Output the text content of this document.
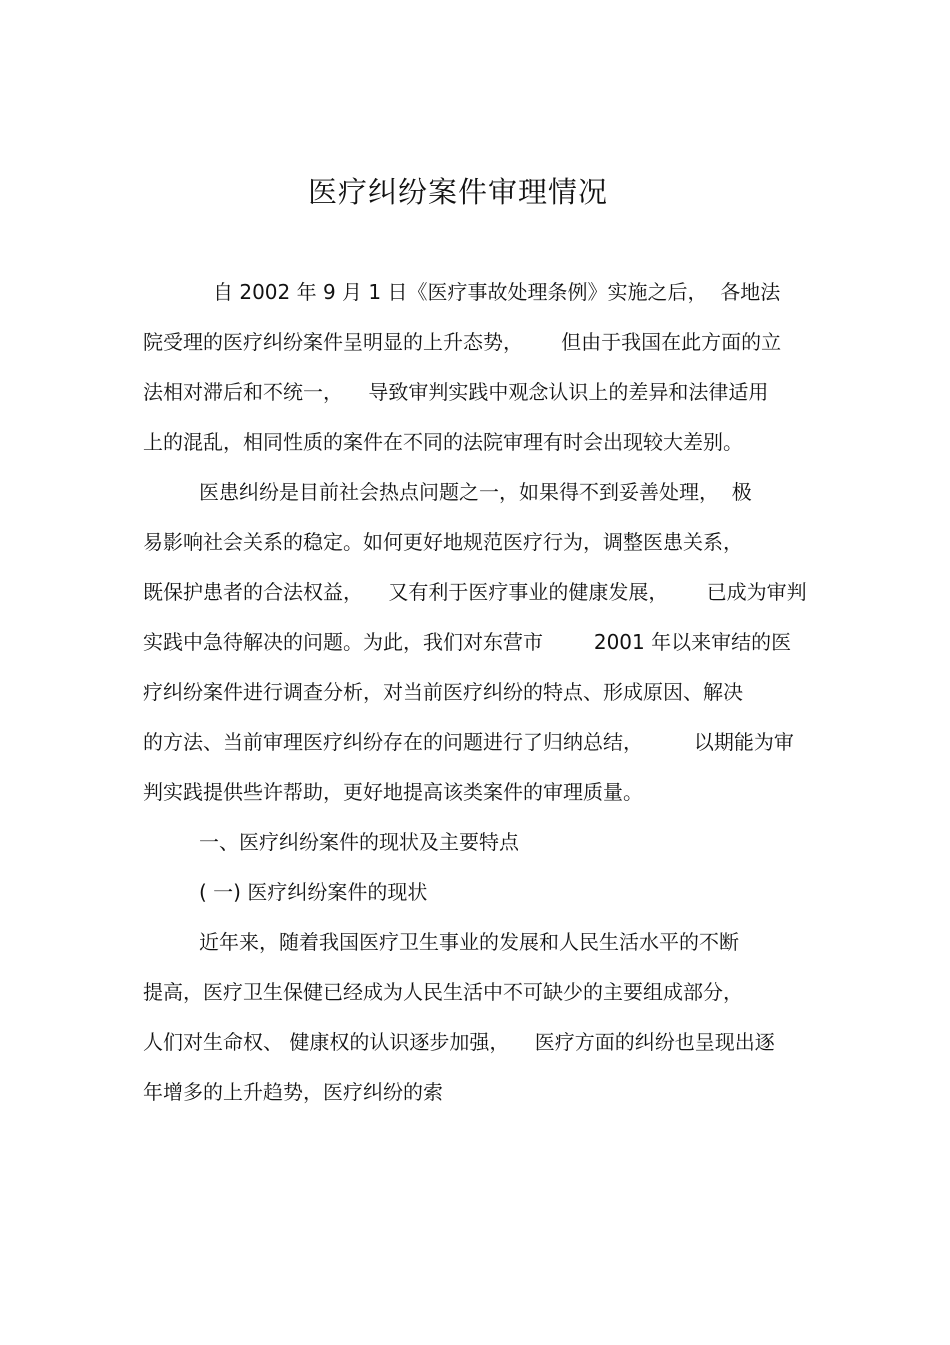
医疗纠纷案件审理情况
自 2002 年 9 月 1 日《医疗事故处理条例》实施之后，  各地法
院受理的医疗纠纷案件呈明显的上升态势，      但由于我国在此方面的立
法相对滞后和不统一，    导致审判实践中观念认识上的差异和法律适用
上的混乱，相同性质的案件在不同的法院审理有时会出现较大差别。
医患纠纷是目前社会热点问题之一，如果得不到妥善处理，  极
易影响社会关系的稳定。如何更好地规范医疗行为，调整医患关系，
既保护患者的合法权益，    又有利于医疗事业的健康发展，      已成为审判
实践中急待解决的问题。为此，我们对东营市        2001 年以来审结的医
疗纠纷案件进行调查分析，对当前医疗纠纷的特点、形成原因、解决
的方法、当前审理医疗纠纷存在的问题进行了归纳总结，        以期能为审
判实践提供些许帮助，更好地提高该类案件的审理质量。
一、医疗纠纷案件的现状及主要特点
( 一) 医疗纠纷案件的现状
近年来，随着我国医疗卫生事业的发展和人民生活水平的不断
提高，医疗卫生保健已经成为人民生活中不可缺少的主要组成部分，
人们对生命权、 健康权的认识逐步加强，    医疗方面的纠纷也呈现出逐
年增多的上升趋势，医疗纠纷的索
